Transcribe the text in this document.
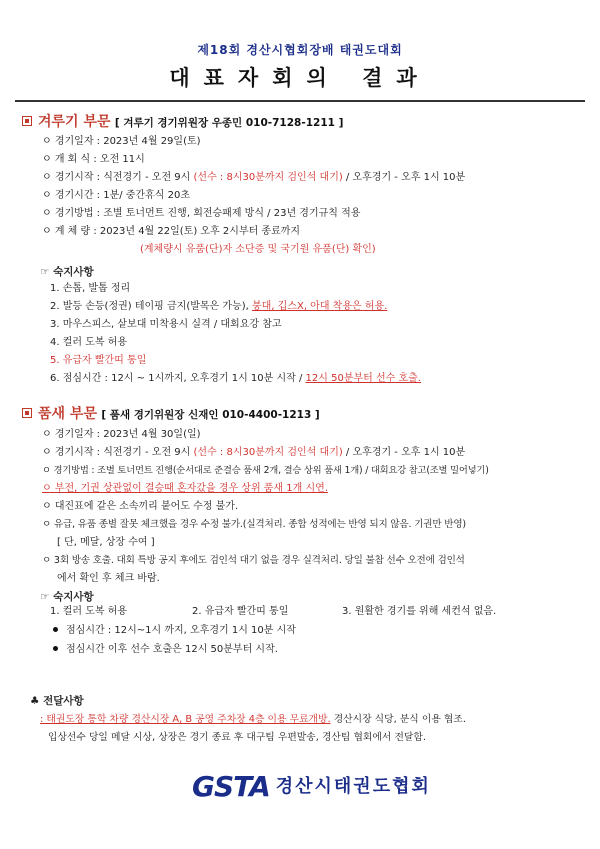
제18회 경산시협회장배 태권도대회
대표자회의 결과
겨루기 부문 [ 겨루기 경기위원장 우종민 010-7128-1211 ]
ㅇ 경기일자 : 2023년 4월 29일(토)
ㅇ 개 회 식 : 오전 11시
ㅇ 경기시작 : 식전경기 - 오전 9시 (선수 : 8시30분까지 검인석 대기) / 오후경기 - 오후 1시 10분
ㅇ 경기시간 : 1분/ 중간휴식 20초
ㅇ 경기방법 : 조별 토너먼트 진행, 회전승패제 방식 / 23년 경기규칙 적용
ㅇ 계 체 량 : 2023년 4월 22일(토) 오후 2시부터 종료까지
(계체량시 유품(단)자 소단증 및 국기원 유품(단) 확인)
☞ 숙지사항
1. 손톱, 발톱 정리
2. 발등 손등(정권) 테이핑 금지(발목은 가능), 붕대, 깁스X, 아대 착용은 허용.
3. 마우스피스, 샅보대 미착용시 실격 / 대회요강 참고
4. 컬러 도복 허용
5. 유급자 빨간띠 통일
6. 점심시간 : 12시 ~ 1시까지, 오후경기 1시 10분 시작 / 12시 50분부터 선수 호출.
품새 부문 [ 품새 경기위원장 신재인 010-4400-1213 ]
ㅇ 경기일자 : 2023년 4월 30일(일)
ㅇ 경기시작 : 식전경기 - 오전 9시 (선수 : 8시30분까지 검인석 대기) / 오후경기 - 오후 1시 10분
ㅇ 경기방법 : 조별 토너먼트 진행(순서대로 준결승 품새 2개, 결승 상위 품새 1개) / 대회요강 참고(조별 밀어넣기)
ㅇ 부전, 기권 상관없이 결승때 혼자갔을 경우 상위 품새 1개 시연.
ㅇ 대진표에 같은 소속끼리 붙어도 수정 불가.
ㅇ 유급, 유품 종별 잘못 체크했을 경우 수정 불가.(실격처리. 종합 성적에는 반영 되지 않음. 기권만 반영)
[ 단, 메달, 상장 수여 ]
ㅇ 3회 방송 호출. 대회 특방 공지 후에도 검인석 대기 없을 경우 실격처리. 당일 불참 선수 오전에 검인석
에서 확인 후 체크 바람.
☞ 숙지사항
1. 컬러 도복 허용	2. 유급자 빨간띠 통일	3. 원활한 경기를 위해 세컨석 없음.
점심시간 : 12시~1시 까지, 오후경기 1시 10분 시작
점심시간 이후 선수 호출은 12시 50분부터 시작.
♣ 전달사항
: 태권도장 통학 차량 경산시장 A, B 공영 주차장 4층 이용 무료개방. 경산시장 식당, 분식 이용 협조.
입상선수 당일 메달 시상, 상장은 경기 종료 후 대구팀 우편발송, 경산팀 협회에서 전달함.
GSTA 경산시태권도협회
